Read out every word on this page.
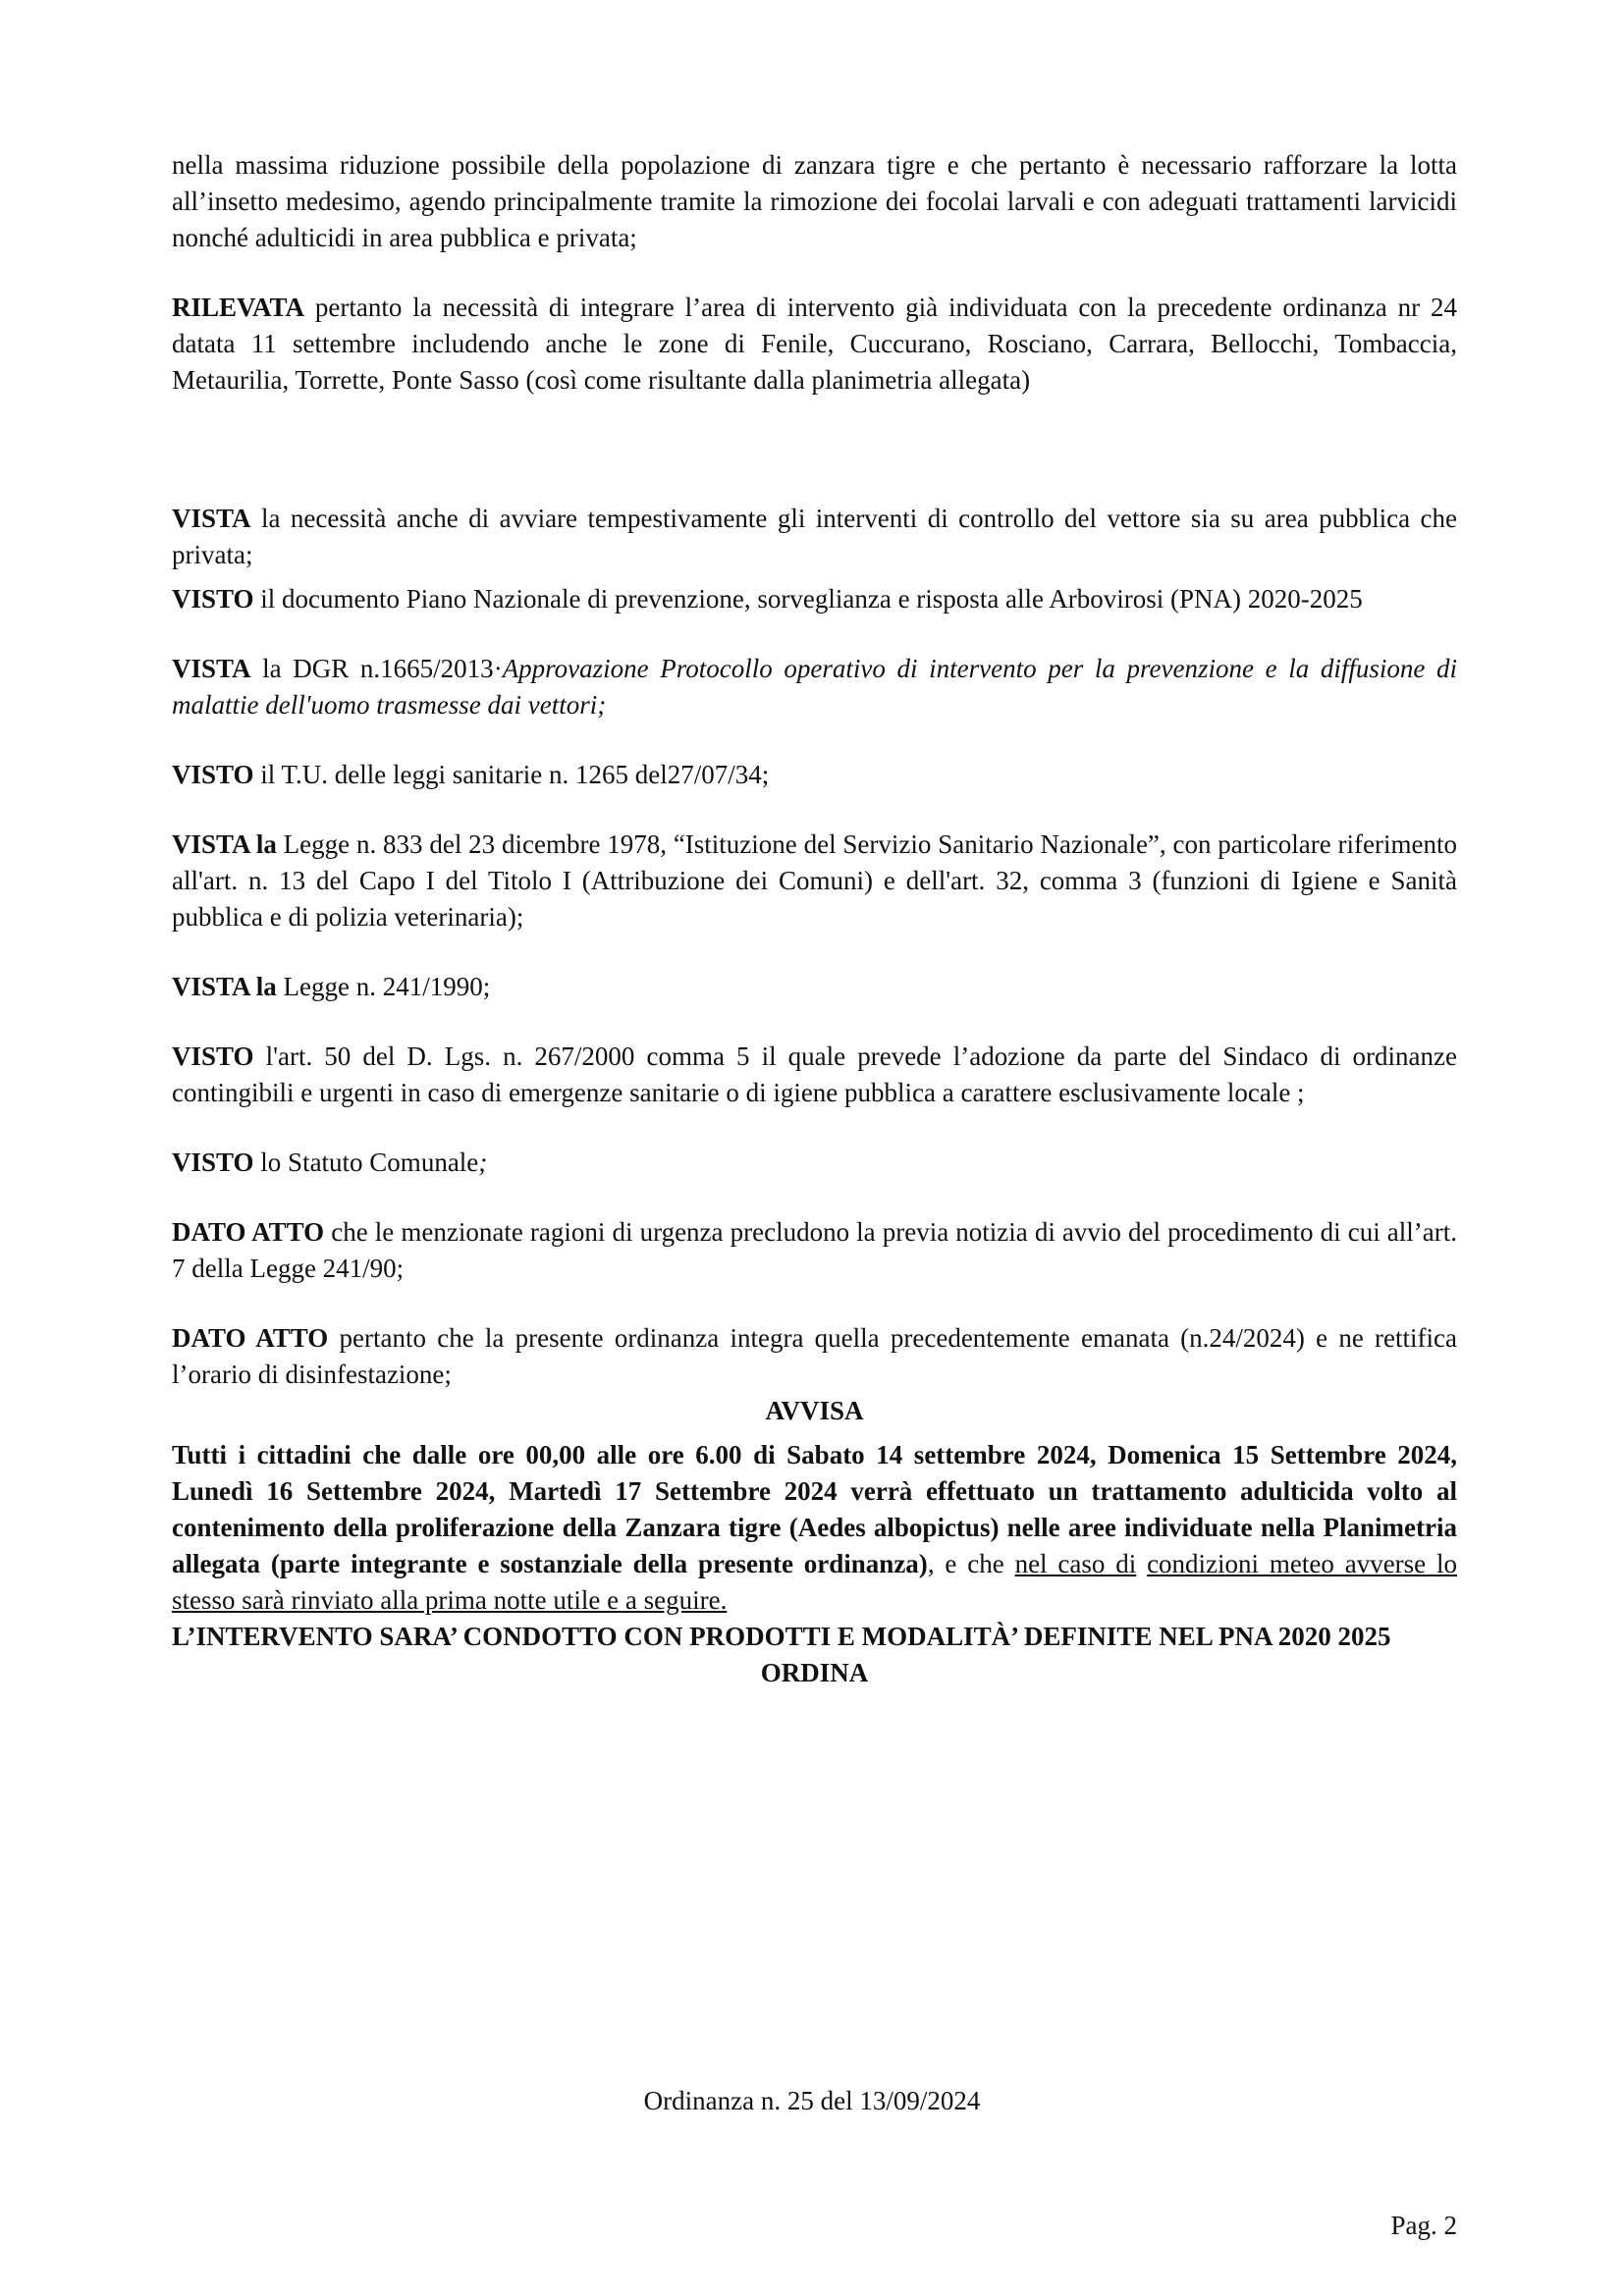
nella massima riduzione possibile della popolazione di zanzara tigre e che pertanto è necessario rafforzare la lotta all’insetto medesimo, agendo principalmente tramite la rimozione dei focolai larvali e con adeguati trattamenti larvicidi nonché adulticidi in area pubblica e privata;

RILEVATA pertanto la necessità di integrare l’area di intervento già individuata con la precedente ordinanza nr 24 datata 11 settembre includendo anche le zone di Fenile, Cuccurano, Rosciano, Carrara, Bellocchi, Tombaccia, Metaurilia, Torrette, Ponte Sasso (così come risultante dalla planimetria allegata)

VISTA la necessità anche di avviare tempestivamente gli interventi di controllo del vettore sia su area pubblica che privata;

VISTO il documento Piano Nazionale di prevenzione, sorveglianza e risposta alle Arbovirosi (PNA) 2020-2025

VISTA la DGR n.1665/2013·Approvazione Protocollo operativo di intervento per la prevenzione e la diffusione di malattie dell'uomo trasmesse dai vettori;

VISTO il T.U. delle leggi sanitarie n. 1265 del27/07/34;

VISTA la Legge n. 833 del 23 dicembre 1978, “Istituzione del Servizio Sanitario Nazionale”, con particolare riferimento all'art. n. 13 del Capo I del Titolo I (Attribuzione dei Comuni) e dell'art. 32, comma 3 (funzioni di Igiene e Sanità pubblica e di polizia veterinaria);

VISTA la Legge n. 241/1990;

VISTO l'art. 50 del D. Lgs. n. 267/2000 comma 5 il quale prevede l’adozione da parte del Sindaco di ordinanze contingibili e urgenti in caso di emergenze sanitarie o di igiene pubblica a carattere esclusivamente locale ;

VISTO lo Statuto Comunale;

DATO ATTO che le menzionate ragioni di urgenza precludono la previa notizia di avvio del procedimento di cui all’art. 7 della Legge 241/90;

DATO ATTO pertanto che la presente ordinanza integra quella precedentemente emanata (n.24/2024) e ne rettifica l’orario di disinfestazione;

AVVISA

Tutti i cittadini che dalle ore 00,00 alle ore 6.00 di Sabato 14 settembre 2024, Domenica 15 Settembre 2024, Lunedì 16 Settembre 2024, Martedì 17 Settembre 2024 verrà effettuato un trattamento adulticida volto al contenimento della proliferazione della Zanzara tigre (Aedes albopictus) nelle aree individuate nella Planimetria allegata (parte integrante e sostanziale della presente ordinanza), e che nel caso di condizioni meteo avverse lo stesso sarà rinviato alla prima notte utile e a seguire.

L’INTERVENTO SARA’ CONDOTTO CON PRODOTTI E MODALITÀ’ DEFINITE NEL PNA 2020 2025

ORDINA

Ordinanza n. 25 del 13/09/2024

Pag. 2
